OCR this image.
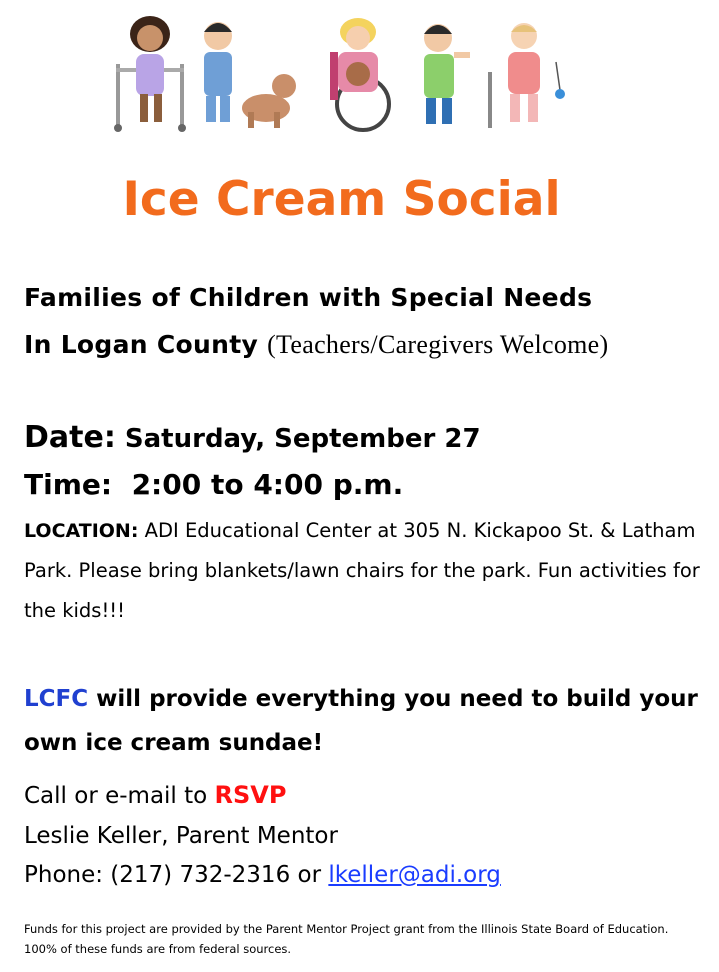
Ice Cream Social
Families of Children with Special Needs
In Logan County (Teachers/Caregivers Welcome)
Date: Saturday, September 27
Time: 2:00 to 4:00 p.m.
LOCATION: ADI Educational Center at 305 N. Kickapoo St. & Latham Park. Please bring blankets/lawn chairs for the park. Fun activities for the kids!!!
LCFC will provide everything you need to build your own ice cream sundae!
Call or e-mail to RSVP
Leslie Keller, Parent Mentor
Phone: (217) 732-2316 or lkeller@adi.org
Funds for this project are provided by the Parent Mentor Project grant from the Illinois State Board of Education. 100% of these funds are from federal sources.
